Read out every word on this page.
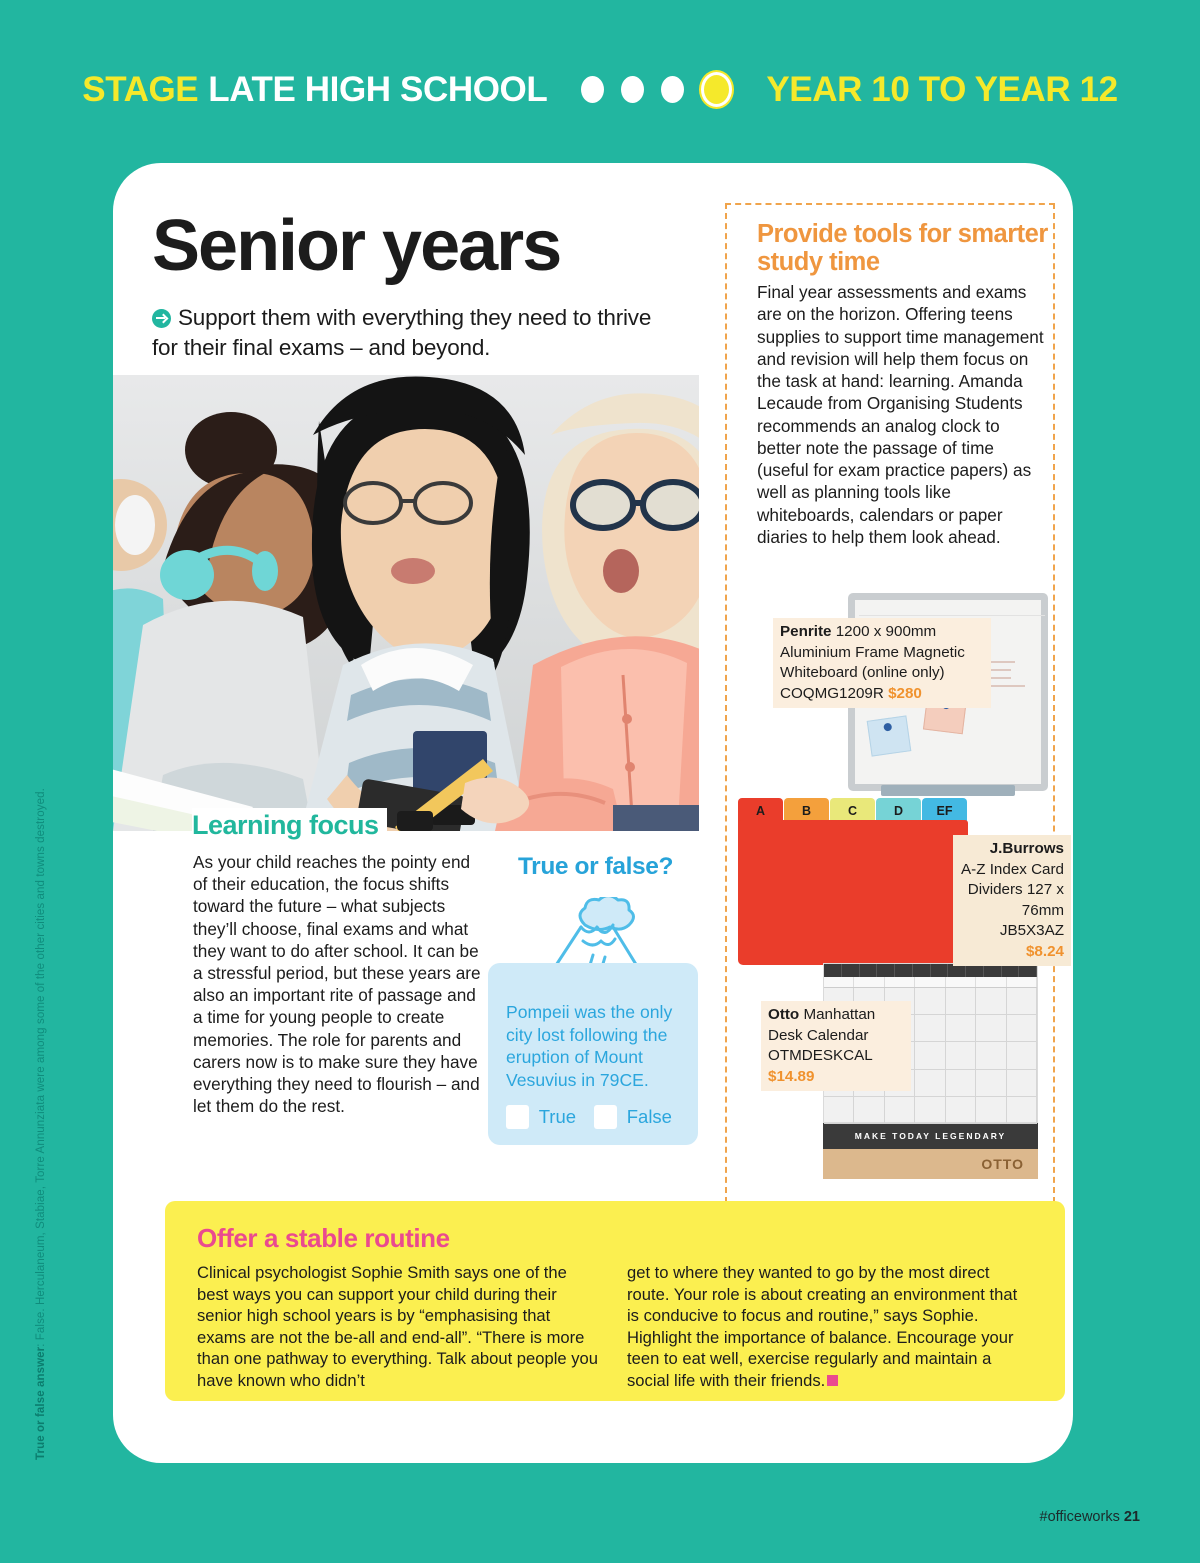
STAGE LATE HIGH SCHOOL	YEAR 10 TO YEAR 12
True or false answer: False. Herculaneum, Stabiae, Torre Annunziata were among some of the other cities and towns destroyed.
Senior years
Support them with everything they need to thrive for their final exams – and beyond.
Learning focus
As your child reaches the pointy end of their education, the focus shifts toward the future – what subjects they’ll choose, final exams and what they want to do after school. It can be a stressful period, but these years are also an important rite of passage and a time for young people to create memories. The role for parents and carers now is to make sure they have everything they need to flourish – and let them do the rest.
True or false?
Pompeii was the only city lost following the eruption of Mount Vesuvius in 79CE.
True	False
Provide tools for smarter study time
Final year assessments and exams are on the horizon. Offering teens supplies to support time management and revision will help them focus on the task at hand: learning. Amanda Lecaude from Organising Students recommends an analog clock to better note the passage of time (useful for exam practice papers) as well as planning tools like whiteboards, calendars or paper diaries to help them look ahead.
Penrite 1200 x 900mm Aluminium Frame Magnetic Whiteboard (online only)
COQMG1209R $280
A	B	C	D	EF
J.Burrows
A-Z Index Card Dividers 127 x 76mm
JB5X3AZ $8.24
MAKE TODAY LEGENDARY
OTTO
Otto Manhattan Desk Calendar
OTMDESKCAL $14.89
Offer a stable routine
Clinical psychologist Sophie Smith says one of the best ways you can support your child during their senior high school years is by “emphasising that exams are not the be-all and end-all”. “There is more than one pathway to everything. Talk about people you have known who didn’t
get to where they wanted to go by the most direct route. Your role is about creating an environment that is conducive to focus and routine,” says Sophie. Highlight the importance of balance. Encourage your teen to eat well, exercise regularly and maintain a social life with their friends.
#officeworks 21
